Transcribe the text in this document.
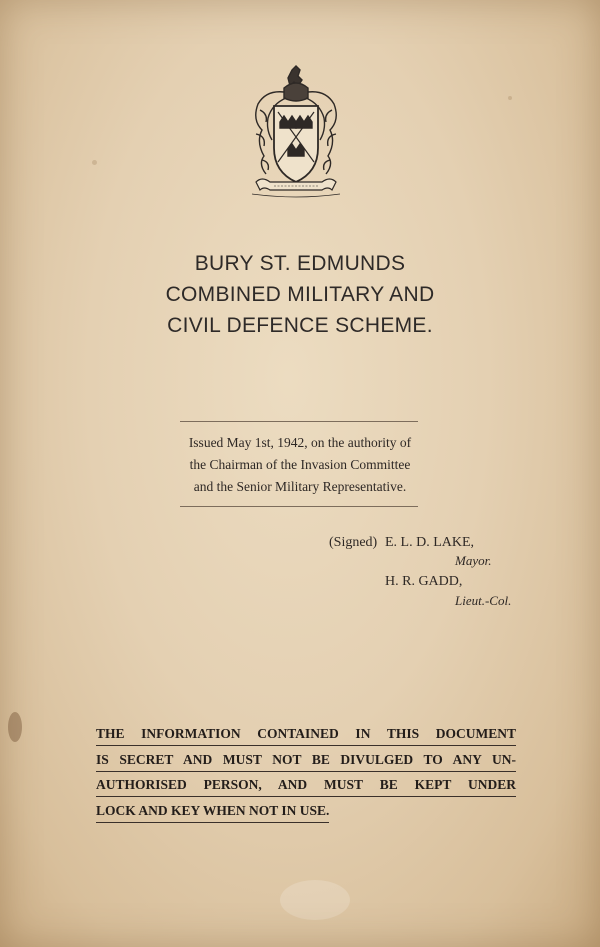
BURY ST. EDMUNDS
COMBINED MILITARY AND
CIVIL DEFENCE SCHEME.
Issued May 1st, 1942, on the authority of
the Chairman of the Invasion Committee
and the Senior Military Representative.
(Signed) E. L. D. LAKE,
Mayor.
H. R. GADD,
Lieut.-Col.
THE INFORMATION CONTAINED IN THIS DOCUMENT
IS SECRET AND MUST NOT BE DIVULGED TO ANY UN-
AUTHORISED PERSON, AND MUST BE KEPT UNDER
LOCK AND KEY WHEN NOT IN USE.
